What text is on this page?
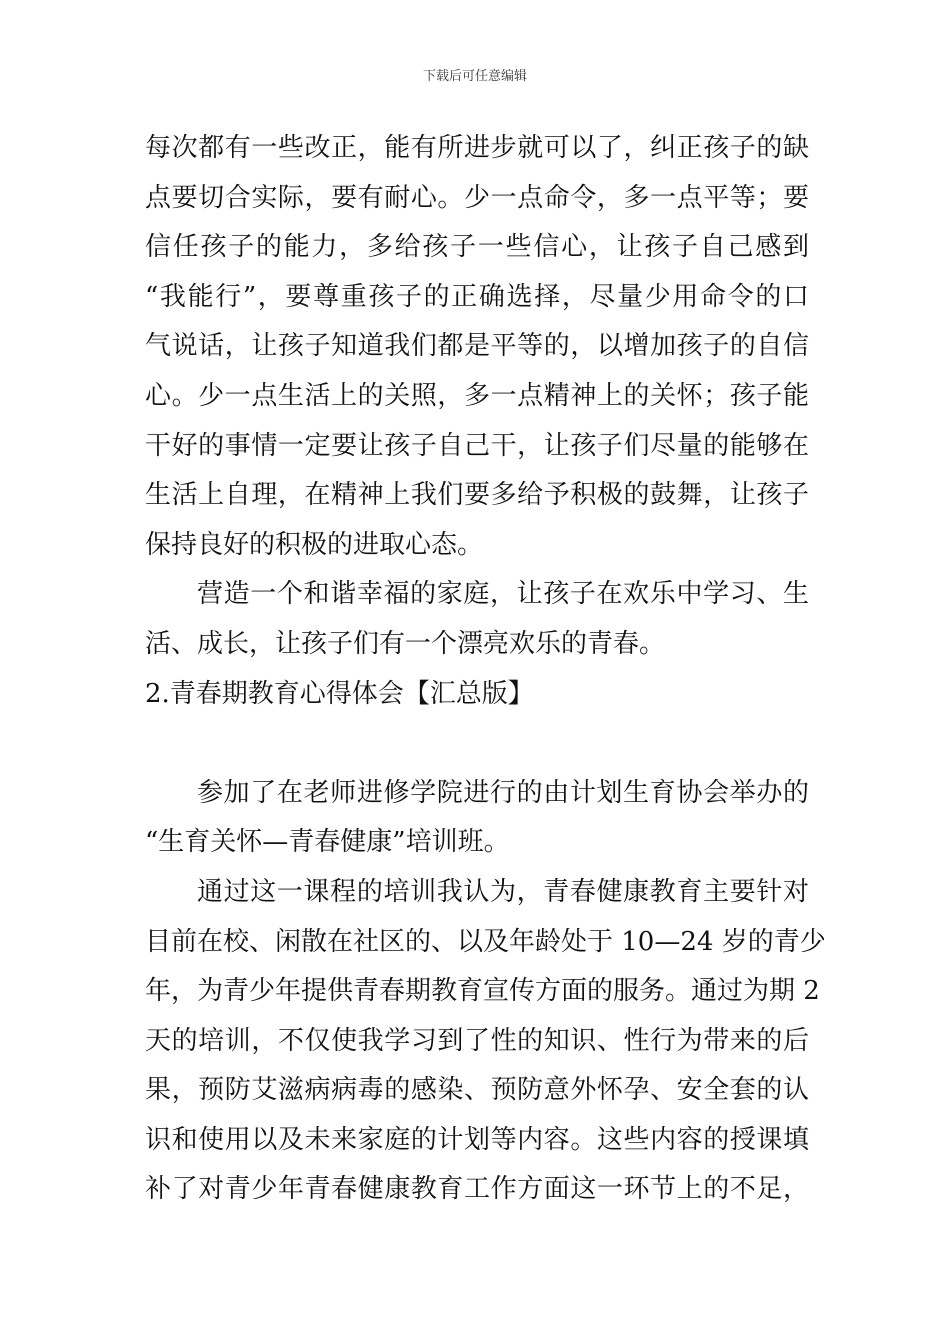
下载后可任意编辑
每次都有一些改正，能有所进步就可以了，纠正孩子的缺
点要切合实际，要有耐心。少一点命令，多一点平等；要
信任孩子的能力，多给孩子一些信心，让孩子自己感到
“我能行”，要尊重孩子的正确选择，尽量少用命令的口
气说话，让孩子知道我们都是平等的，以增加孩子的自信
心。少一点生活上的关照，多一点精神上的关怀；孩子能
干好的事情一定要让孩子自己干，让孩子们尽量的能够在
生活上自理，在精神上我们要多给予积极的鼓舞，让孩子
保持良好的积极的进取心态。
营造一个和谐幸福的家庭，让孩子在欢乐中学习、生
活、成长，让孩子们有一个漂亮欢乐的青春。
2.青春期教育心得体会【汇总版】
参加了在老师进修学院进行的由计划生育协会举办的
“生育关怀—青春健康”培训班。
通过这一课程的培训我认为，青春健康教育主要针对
目前在校、闲散在社区的、以及年龄处于 10—24 岁的青少
年，为青少年提供青春期教育宣传方面的服务。通过为期 2
天的培训，不仅使我学习到了性的知识、性行为带来的后
果，预防艾滋病病毒的感染、预防意外怀孕、安全套的认
识和使用以及未来家庭的计划等内容。这些内容的授课填
补了对青少年青春健康教育工作方面这一环节上的不足，
